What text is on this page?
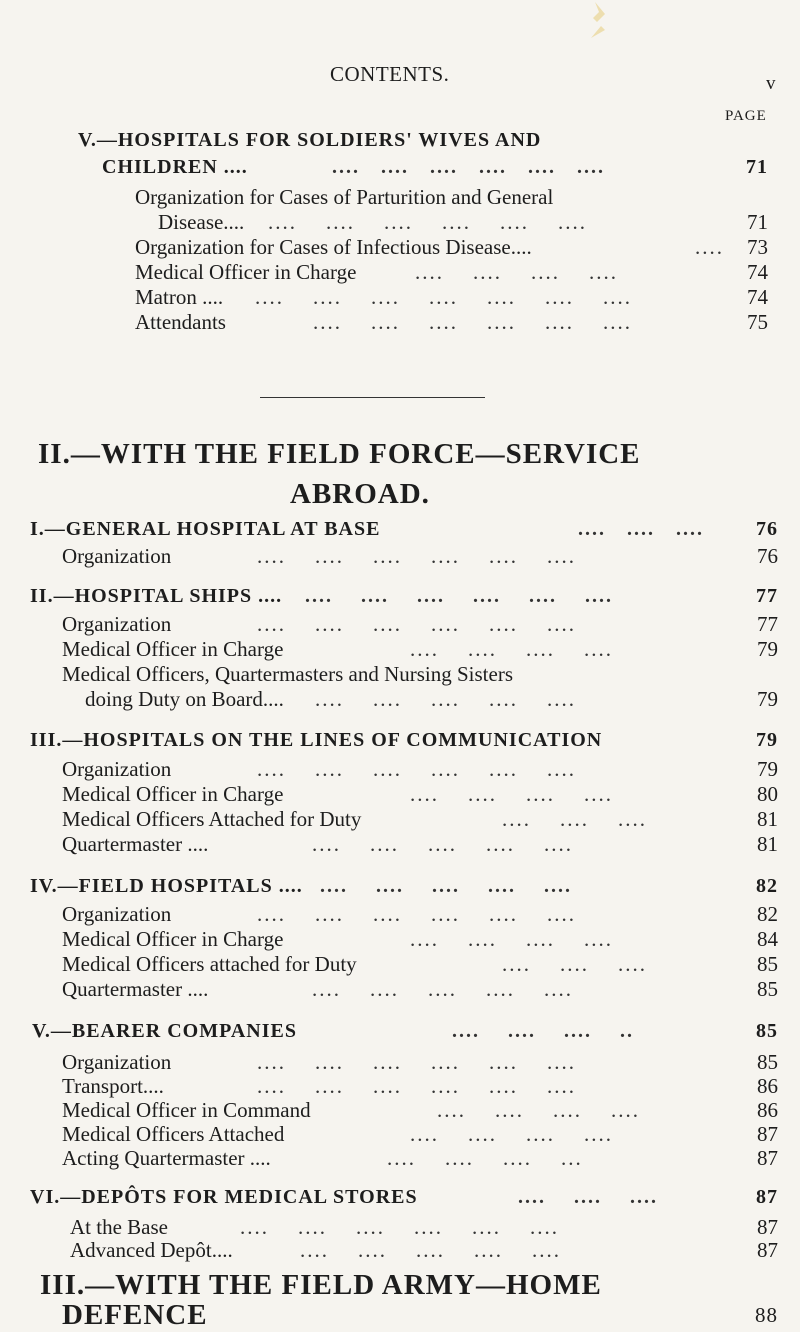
CONTENTS.	v
PAGE
V.—HOSPITALS FOR SOLDIERS' WIVES AND
CHILDREN ....	....   ....   ....   ....   ....   ....	71
Organization for Cases of Parturition and General
Disease.... ....    ....    ....    ....    ....    ....	71
Organization for Cases of Infectious Disease....	....	73
Medical Officer in Charge	....    ....    ....    ....	74
Matron .... ....    ....    ....    ....    ....    ....    ....	74
Attendants ....    ....    ....    ....    ....    ....	75
II.—WITH THE FIELD FORCE—SERVICE
ABROAD.
I.—GENERAL HOSPITAL AT BASE	....   ....   ....	76
Organization	....    ....    ....    ....    ....    ....	76
II.—HOSPITAL SHIPS .... ....    ....    ....    ....    ....    ....	77
Organization	....    ....    ....    ....    ....    ....	77
Medical Officer in Charge	....    ....    ....    ....	79
Medical Officers, Quartermasters and Nursing Sisters
doing Duty on Board.... ....    ....    ....    ....    ....	79
III.—HOSPITALS ON THE LINES OF COMMUNICATION	79
Organization	....    ....    ....    ....    ....    ....	79
Medical Officer in Charge	....    ....    ....    ....	80
Medical Officers Attached for Duty	....    ....    ....	81
Quartermaster ....	....    ....    ....    ....    ....	81
IV.—FIELD HOSPITALS .... ....    ....    ....    ....    ....	82
Organization	....    ....    ....    ....    ....    ....	82
Medical Officer in Charge	....    ....    ....    ....	84
Medical Officers attached for Duty	....    ....    ....	85
Quartermaster ....	....    ....    ....    ....    ....	85
V.—BEARER COMPANIES	....    ....    ....    ..	85
Organization	....    ....    ....    ....    ....    ....	85
Transport....	....    ....    ....    ....    ....    ....	86
Medical Officer in Command	....    ....    ....    ....	86
Medical Officers Attached	....    ....    ....    ....	87
Acting Quartermaster ....	....    ....    ....    ...	87
VI.—DEPÔTS FOR MEDICAL STORES	....    ....    ....	87
At the Base	....    ....    ....    ....    ....    ....	87
Advanced Depôt....	....    ....    ....    ....    ....	87
III.—WITH THE FIELD ARMY—HOME
DEFENCE	88
